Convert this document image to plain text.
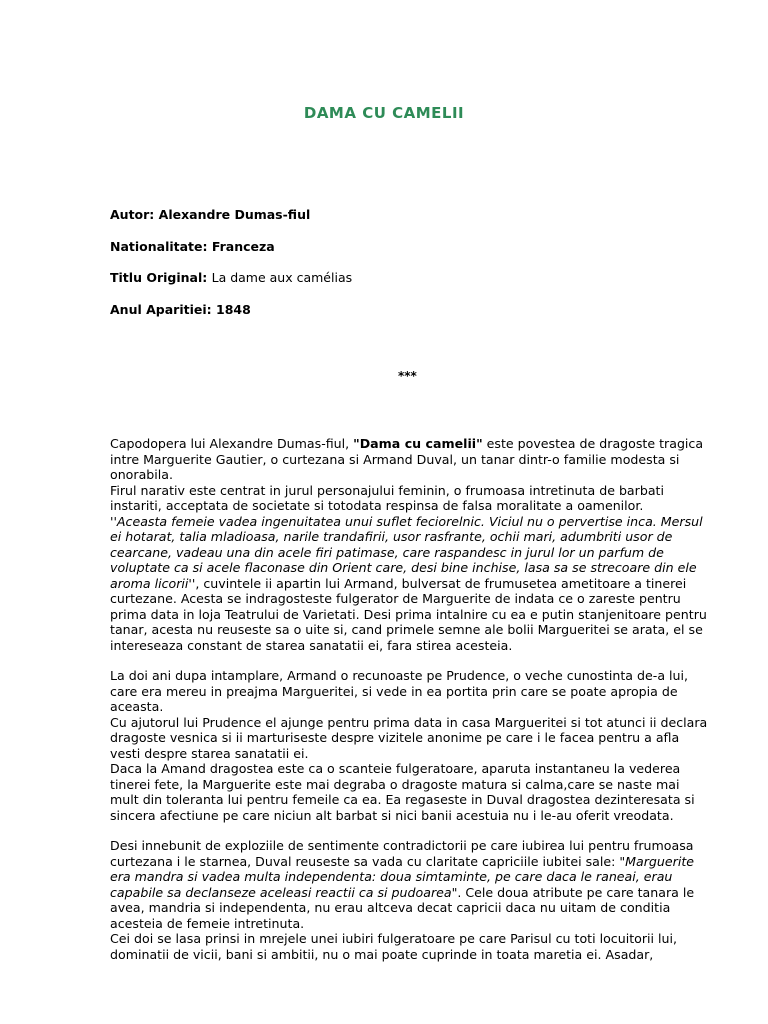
DAMA CU CAMELII
Autor: Alexandre Dumas-fiul
Nationalitate: Franceza
Titlu Original: La dame aux camélias
Anul Aparitiei: 1848
***

Capodopera lui Alexandre Dumas-fiul, "Dama cu camelii" este povestea de dragoste tragica intre Marguerite Gautier, o curtezana si Armand Duval, un tanar dintr-o familie modesta si onorabila.

Firul narativ este centrat in jurul personajului feminin, o frumoasa intretinuta de barbati instariti, acceptata de societate si totodata respinsa de falsa moralitate a oamenilor.

''Aceasta femeie vadea ingenuitatea unui suflet feciorelnic. Viciul nu o pervertise inca. Mersul ei hotarat, talia mladioasa, narile trandafirii, usor rasfrante, ochii mari, adumbriti usor de cearcane, vadeau una din acele firi patimase, care raspandesc in jurul lor un parfum de voluptate ca si acele flaconase din Orient care, desi bine inchise, lasa sa se strecoare din ele aroma licorii'', cuvintele ii apartin lui Armand, bulversat de frumusetea ametitoare a tinerei curtezane. Acesta se indragosteste fulgerator de Marguerite de indata ce o zareste pentru prima data in loja Teatrului de Varietati. Desi prima intalnire cu ea e putin stanjenitoare pentru tanar, acesta nu reuseste sa o uite si, cand primele semne ale bolii Margueritei se arata, el se intereseaza constant de starea sanatatii ei, fara stirea acesteia.

La doi ani dupa intamplare, Armand o recunoaste pe Prudence, o veche cunostinta de-a lui, care era mereu in preajma Margueritei, si vede in ea portita prin care se poate apropia de aceasta.

Cu ajutorul lui Prudence el ajunge pentru prima data in casa Margueritei si tot atunci ii declara dragoste vesnica si ii marturiseste despre vizitele anonime pe care i le facea pentru a afla vesti despre starea sanatatii ei.

Daca la Amand dragostea este ca o scanteie fulgeratoare, aparuta instantaneu la vederea tinerei fete, la Marguerite este mai degraba o dragoste matura si calma,care se naste mai mult din toleranta lui pentru femeile ca ea. Ea regaseste in Duval dragostea dezinteresata si sincera afectiune pe care niciun alt barbat si nici banii acestuia nu i le-au oferit vreodata.

Desi innebunit de exploziile de sentimente contradictorii pe care iubirea lui pentru frumoasa curtezana i le starnea, Duval reuseste sa vada cu claritate capriciile iubitei sale: "Marguerite era mandra si vadea multa independenta: doua simtaminte, pe care daca le raneai, erau capabile sa declanseze aceleasi reactii ca si pudoarea". Cele doua atribute pe care tanara le avea, mandria si independenta, nu erau altceva decat capricii daca nu uitam de conditia acesteia de femeie intretinuta.

Cei doi se lasa prinsi in mrejele unei iubiri fulgeratoare pe care Parisul cu toti locuitorii lui, dominatii de vicii, bani si ambitii, nu o mai poate cuprinde in toata maretia ei. Asadar,
